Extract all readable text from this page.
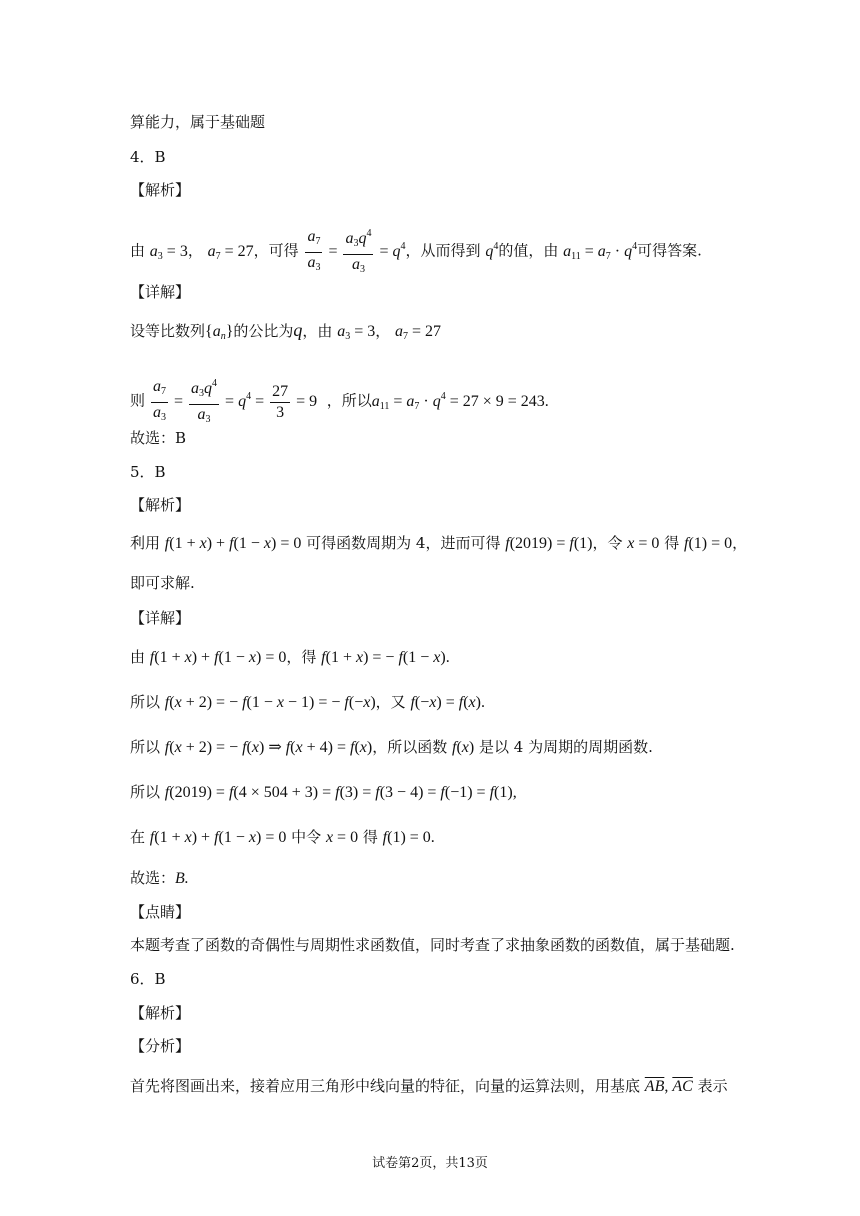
算能力，属于基础题
4．B
【解析】
由 $a_3 = 3$， $a_7 = 27$，可得 $\frac{a_7}{a_3} = \frac{a_3q^4}{a_3} = q^4$，从而得到 $q^4$的值，由 $a_{11} = a_7 \cdot q^4$可得答案.
【详解】
设等比数列$\{a_n\}$的公比为q，由 $a_3 = 3$， $a_7 = 27$
则 $\frac{a_7}{a_3} = \frac{a_3q^4}{a_3} = q^4 = \frac{27}{3} = 9$ ，所以$a_{11} = a_7 \cdot q^4 = 27 \times 9 = 243$.
故选：B
5．B
【解析】
利用 f(1 + x) + f(1 − x) = 0 可得函数周期为 4，进而可得 f(2019) = f(1)，令 x = 0 得 f(1) = 0，
即可求解.
【详解】
由 f(1 + x) + f(1 − x) = 0，得 f(1 + x) = − f(1 − x).
所以 f(x + 2) = − f(1 − x − 1) = − f(−x)，又 f(−x) = f(x).
所以 f(x + 2) = − f(x) ⇒ f(x + 4) = f(x)，所以函数 f(x) 是以 4 为周期的周期函数.
所以 f(2019) = f(4 × 504 + 3) = f(3) = f(3 − 4) = f(−1) = f(1),
在 f(1 + x) + f(1 − x) = 0 中令 x = 0 得 f(1) = 0.
故选：B.
【点睛】
本题考查了函数的奇偶性与周期性求函数值，同时考查了求抽象函数的函数值，属于基础题.
6．B
【解析】
【分析】
首先将图画出来，接着应用三角形中线向量的特征，向量的运算法则，用基底 $\overline{AB}$, $\overline{AC}$ 表示
试卷第2页，共13页
